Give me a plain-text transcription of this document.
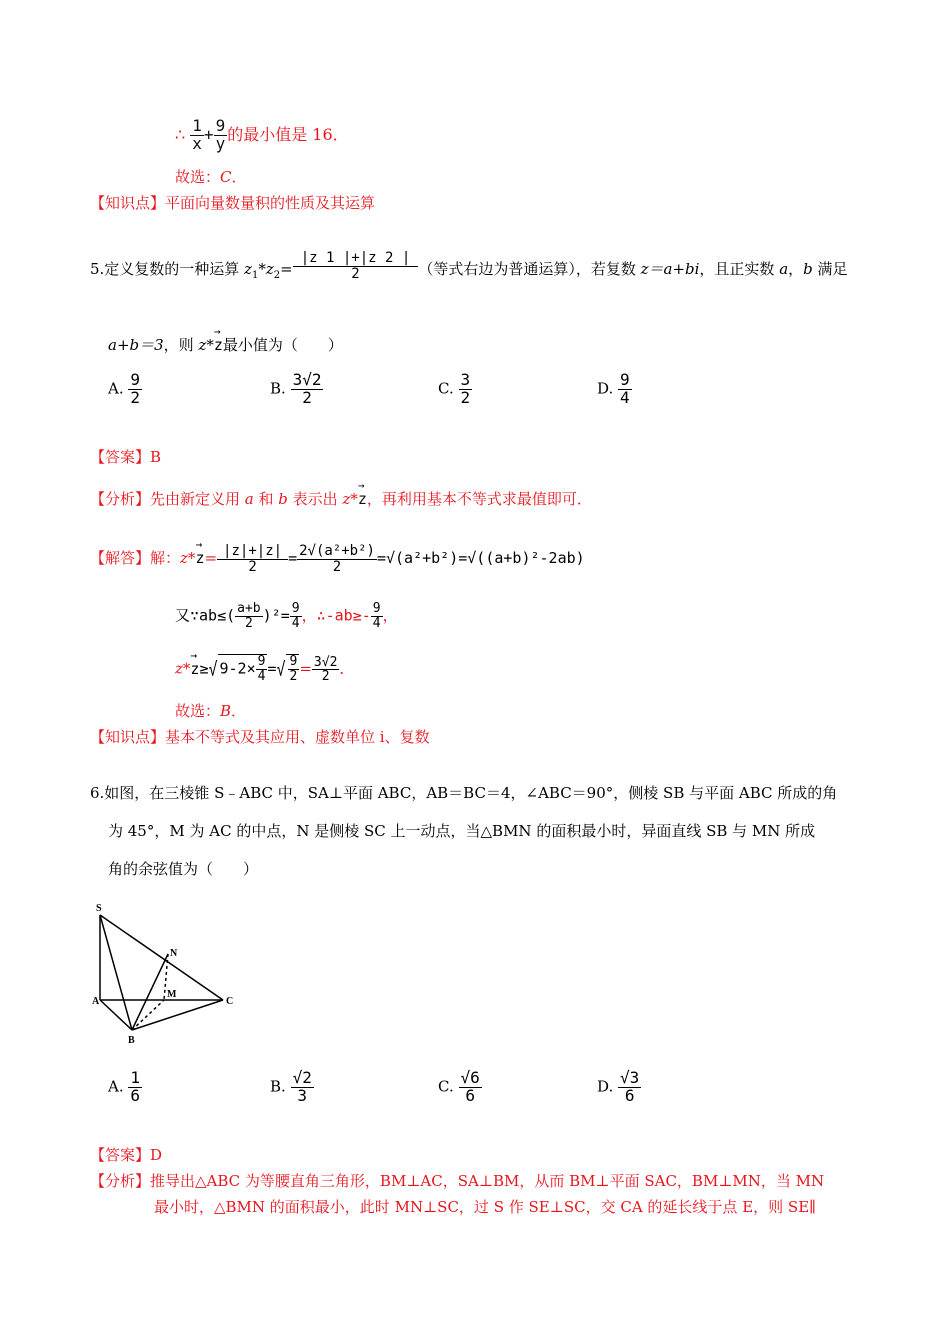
∴ $\frac{1}{x} + \frac{9}{y}$ 的最小值是 16．
故选：C．
【知识点】平面向量数量积的性质及其运算
5.定义复数的一种运算 $z_1*z_2= \frac{|z 1 |+|z 2 |}{2}$ （等式右边为普通运算），若复数 z＝a+bi，且正实数 a，b 满足
a+b＝3，则 z*→ z最小值为（　　）
A. $\frac{9}{2}$	B. $\frac{3√2}{2}$	C. $\frac{3}{2}$	D. $\frac{9}{4}$
【答案】B
【分析】先由新定义用 a 和 b 表示出 z*→ z，再利用基本不等式求最值即可．
【解答】解：$z*\to z= \frac{|z|+|z|}{2} = \frac{\text{2√(a²+b²)}}{2} =√(a^2+b^2)=√((a+b)^2-2ab)$
又∵ab≤( $\frac{a+b}{2} )^2= \frac{9}{4}$ ，∴-ab≥- $\frac{9}{4}$ ，
z*→ z≥√ $9-2\times \frac{9}{4}$ =√ $\frac{9}{2} = \frac{3√2}{2}$ ．
故选：B．
【知识点】基本不等式及其应用、虚数单位 i、复数
6.如图，在三棱锥 S﹣ABC 中，SA⊥平面 ABC，AB＝BC＝4，∠ABC＝90°，侧棱 SB 与平面 ABC 所成的角
为 45°，M 为 AC 的中点，N 是侧棱 SC 上一动点，当△BMN 的面积最小时，异面直线 SB 与 MN 所成
角的余弦值为（　　）
S
N
M
A
B
C
A. $\frac{1}{6}$	B. $\frac{√2}{3}$	C. $\frac{√6}{6}$	D. $\frac{√3}{6}$
【答案】D
【分析】推导出△ABC 为等腰直角三角形，BM⊥AC，SA⊥BM，从而 BM⊥平面 SAC，BM⊥MN，当 MN
最小时，△BMN 的面积最小，此时 MN⊥SC，过 S 作 SE⊥SC，交 CA 的延长线于点 E，则 SE∥
